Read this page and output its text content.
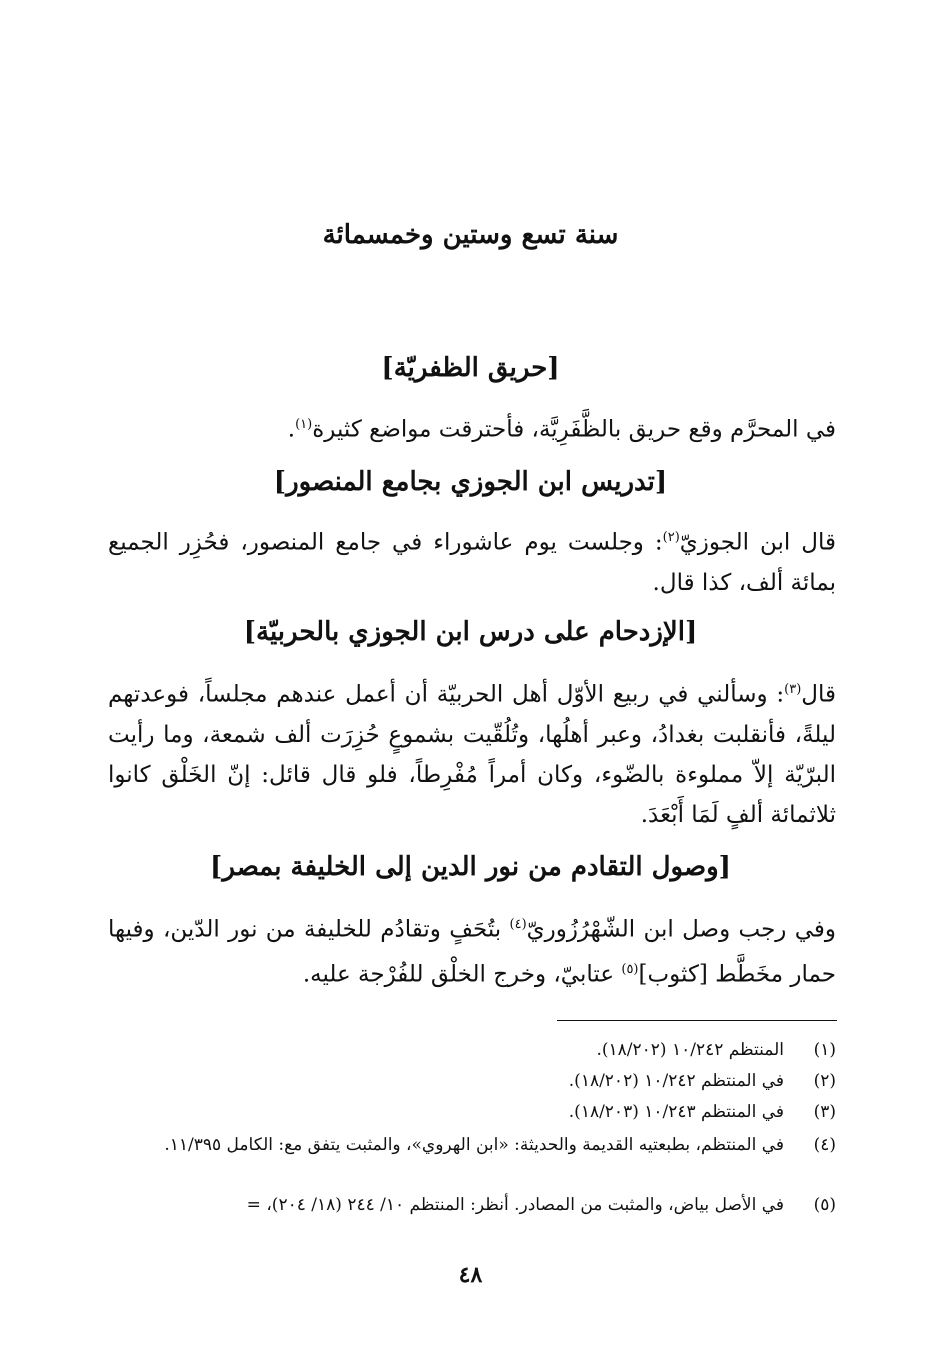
سنة تسع وستين وخمسمائة
[حريق الظفريّة]

في المحرَّم وقع حريق بالظَّفَرِيَّة، فأحترقت مواضع كثيرة$^{(١)}$.

[تدريس ابن الجوزي بجامع المنصور]

قال ابن الجوزيّ$^{(٢)}$: وجلست يوم عاشوراء في جامع المنصور، فحُزِر الجميع بمائة ألف، كذا قال.

[الإزدحام على درس ابن الجوزي بالحربيّة]

قال$^{(٣)}$: وسألني في ربيع الأوّل أهل الحربيّة أن أعمل عندهم مجلساً، فوعدتهم ليلةً، فأنقلبت بغدادُ، وعبر أهلُها، وتُلُقّيت بشموعٍ حُزِرَت ألف شمعة، وما رأيت البرّيّة إلاّ مملوءة بالضّوء، وكان أمراً مُفْرِطاً، فلو قال قائل: إنّ الخَلْق كانوا ثلاثمائة ألفٍ لَمَا أَبْعَدَ.

[وصول التقادم من نور الدين إلى الخليفة بمصر]

وفي رجب وصل ابن الشّهْرُزُوريّ$^{(٤)}$ بتُحَفٍ وتقادُم للخليفة من نور الدّين، وفيها حمار مخَطَّط [كثوب]$^{(٥)}$ عتابيّ، وخرج الخلْق للفُرْجة عليه.

(١)
المنتظم ١٠/٢٤٢ (١٨/٢٠٢).

(٢)
في المنتظم ١٠/٢٤٢ (١٨/٢٠٢).

(٣)
في المنتظم ١٠/٢٤٣ (١٨/٢٠٣).

(٤)
في المنتظم، بطبعتيه القديمة والحديثة: «ابن الهروي»، والمثبت يتفق مع: الكامل ١١/٣٩٥.

(٥)
في الأصل بياض، والمثبت من المصادر. أنظر: المنتظم ١٠/ ٢٤٤ (١٨/ ٢٠٤)، =

٤٨
